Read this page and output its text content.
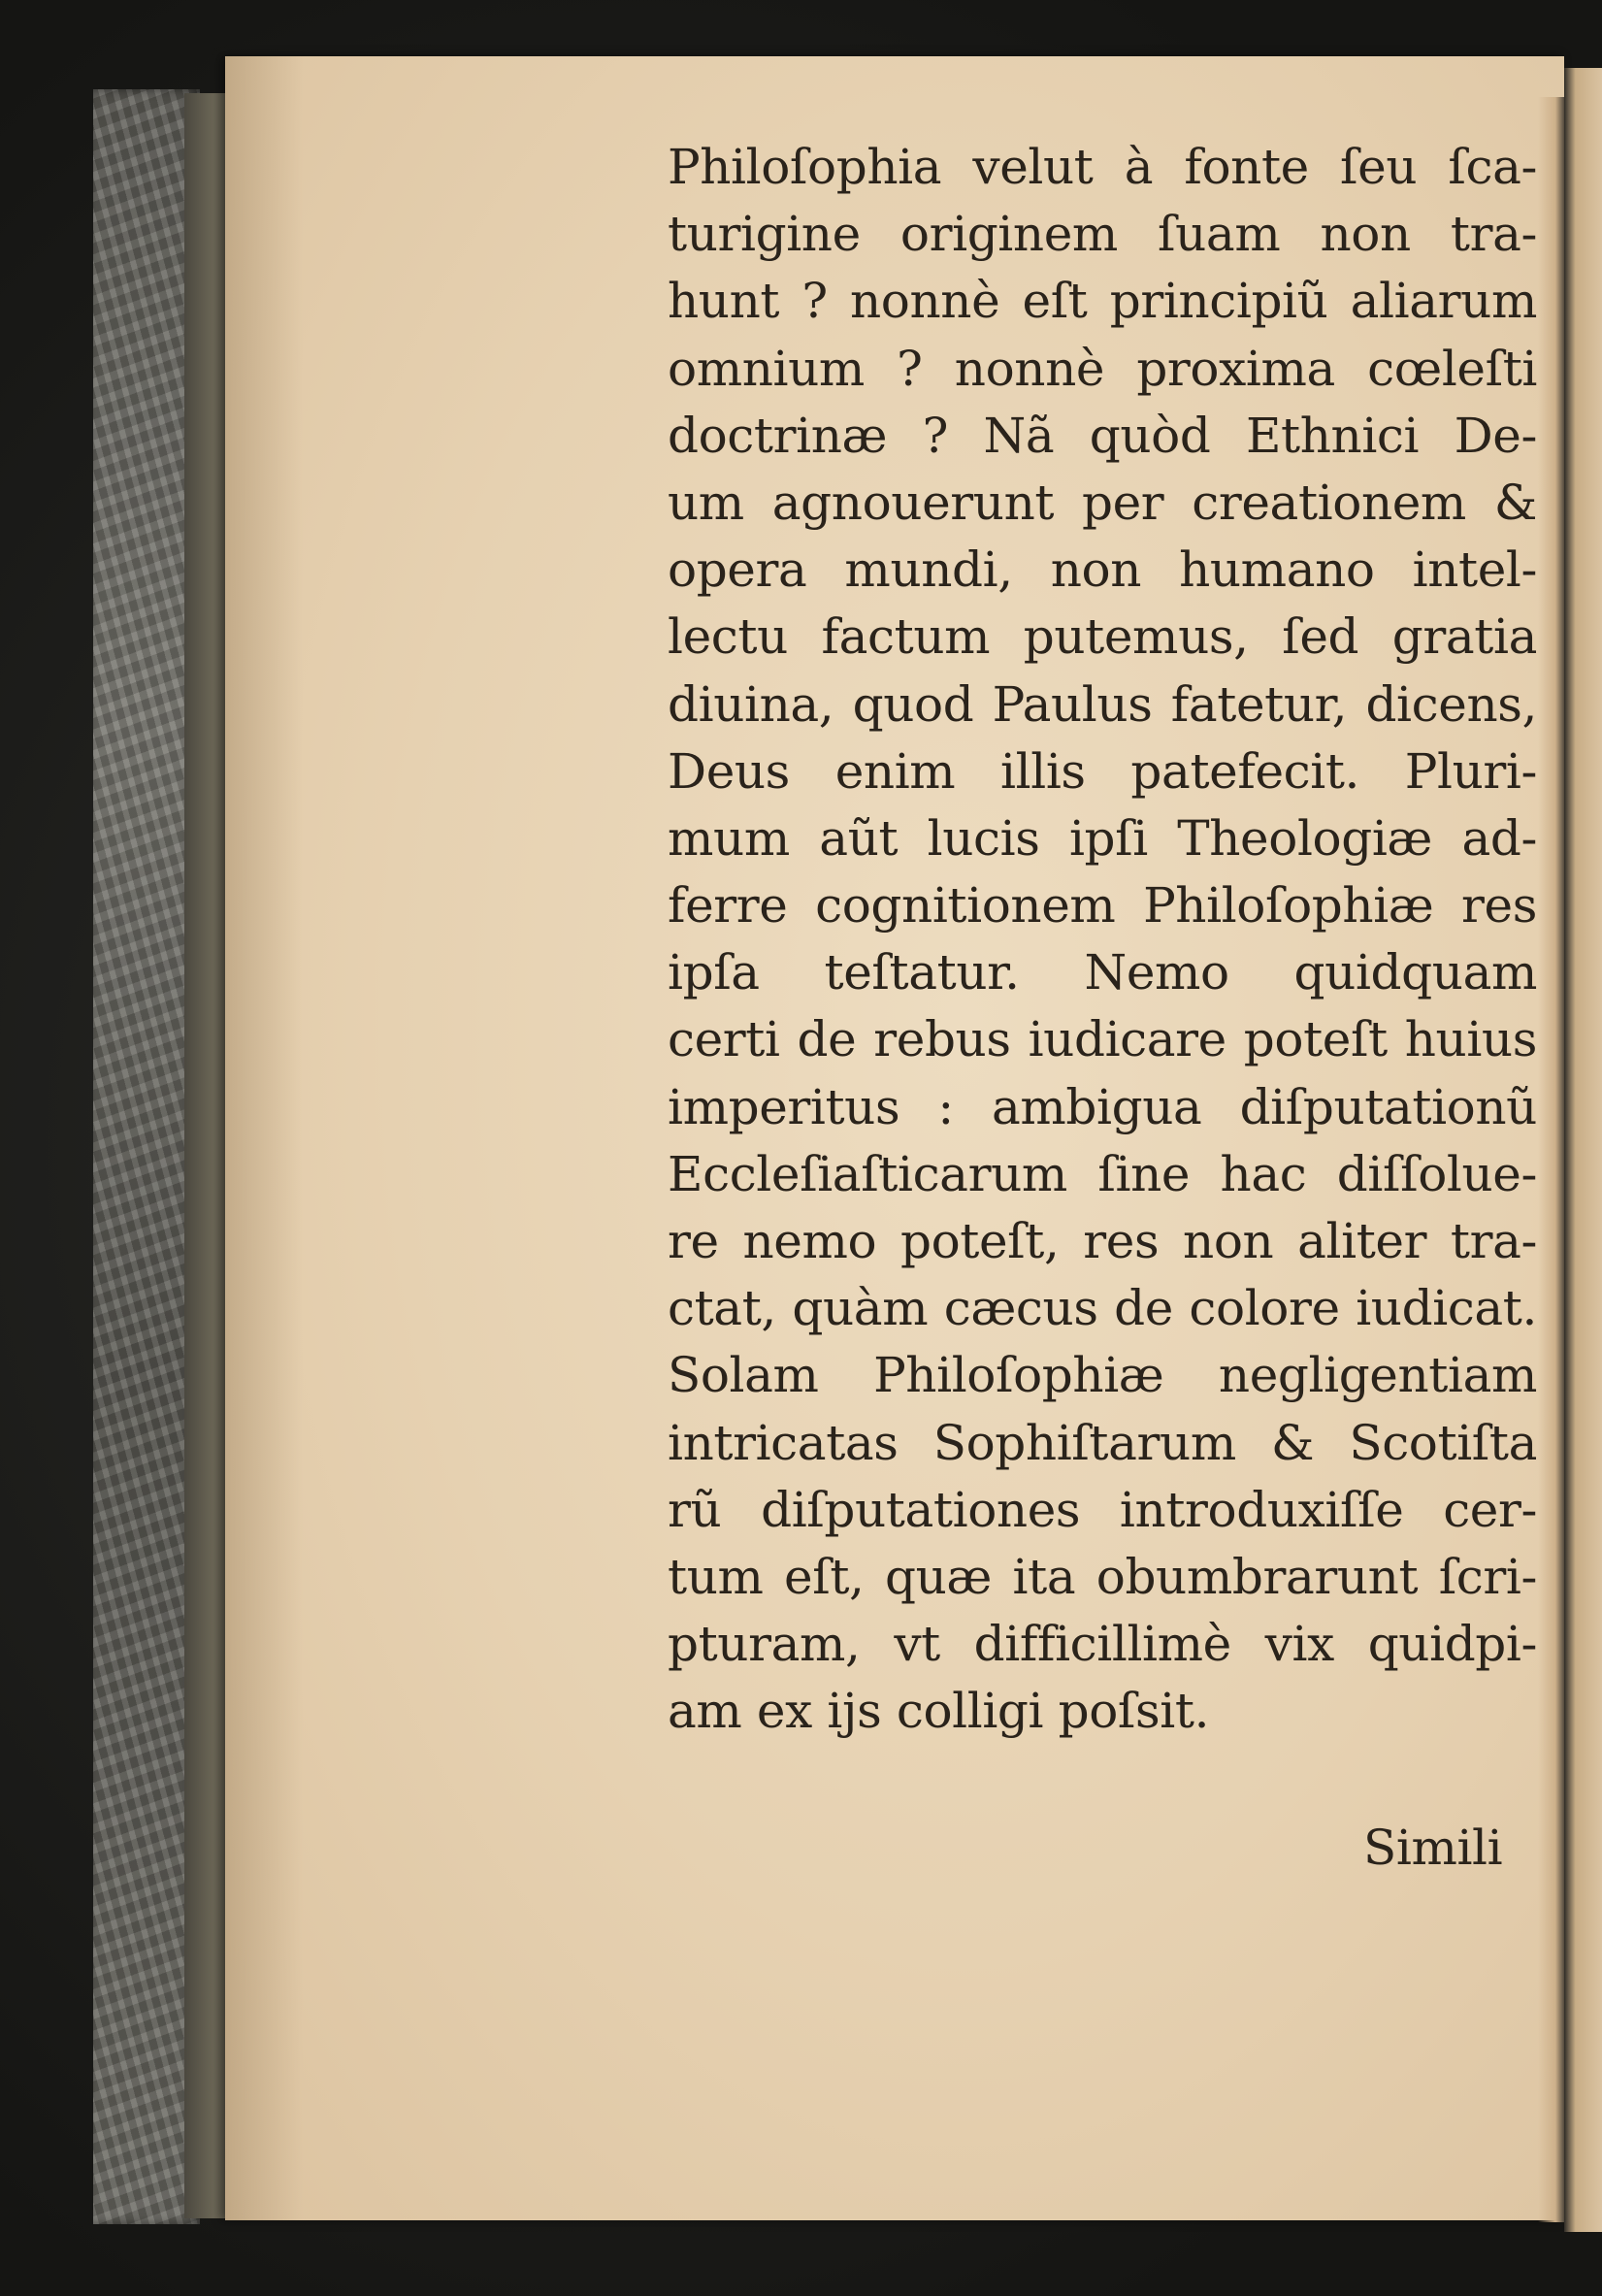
Philoſophia velut à fonte ſeu ſca-
turigine originem ſuam non tra-
hunt ? nonnè eſt principiũ aliarum
omnium ? nonnè proxima cœleſti
doctrinæ ? Nã quòd Ethnici De-
um agnouerunt per creationem &
opera mundi, non humano intel-
lectu factum putemus, ſed gratia
diuina, quod Paulus fatetur, dicens,
Deus enim illis patefecit. Pluri-
mum aũt lucis ipſi Theologiæ ad-
ferre cognitionem Philoſophiæ res
ipſa teſtatur. Nemo quidquam
certi de rebus iudicare poteſt huius
imperitus : ambigua diſputationũ
Eccleſiaſticarum ſine hac diſſolue-
re nemo poteſt, res non aliter tra-
ctat, quàm cæcus de colore iudicat.
Solam Philoſophiæ negligentiam
intricatas Sophiſtarum & Scotiſta
rũ diſputationes introduxiſſe cer-
tum eſt, quæ ita obumbrarunt ſcri-
pturam, vt difficillimè vix quidpi-
am ex ijs colligi poſsit.
Simili
